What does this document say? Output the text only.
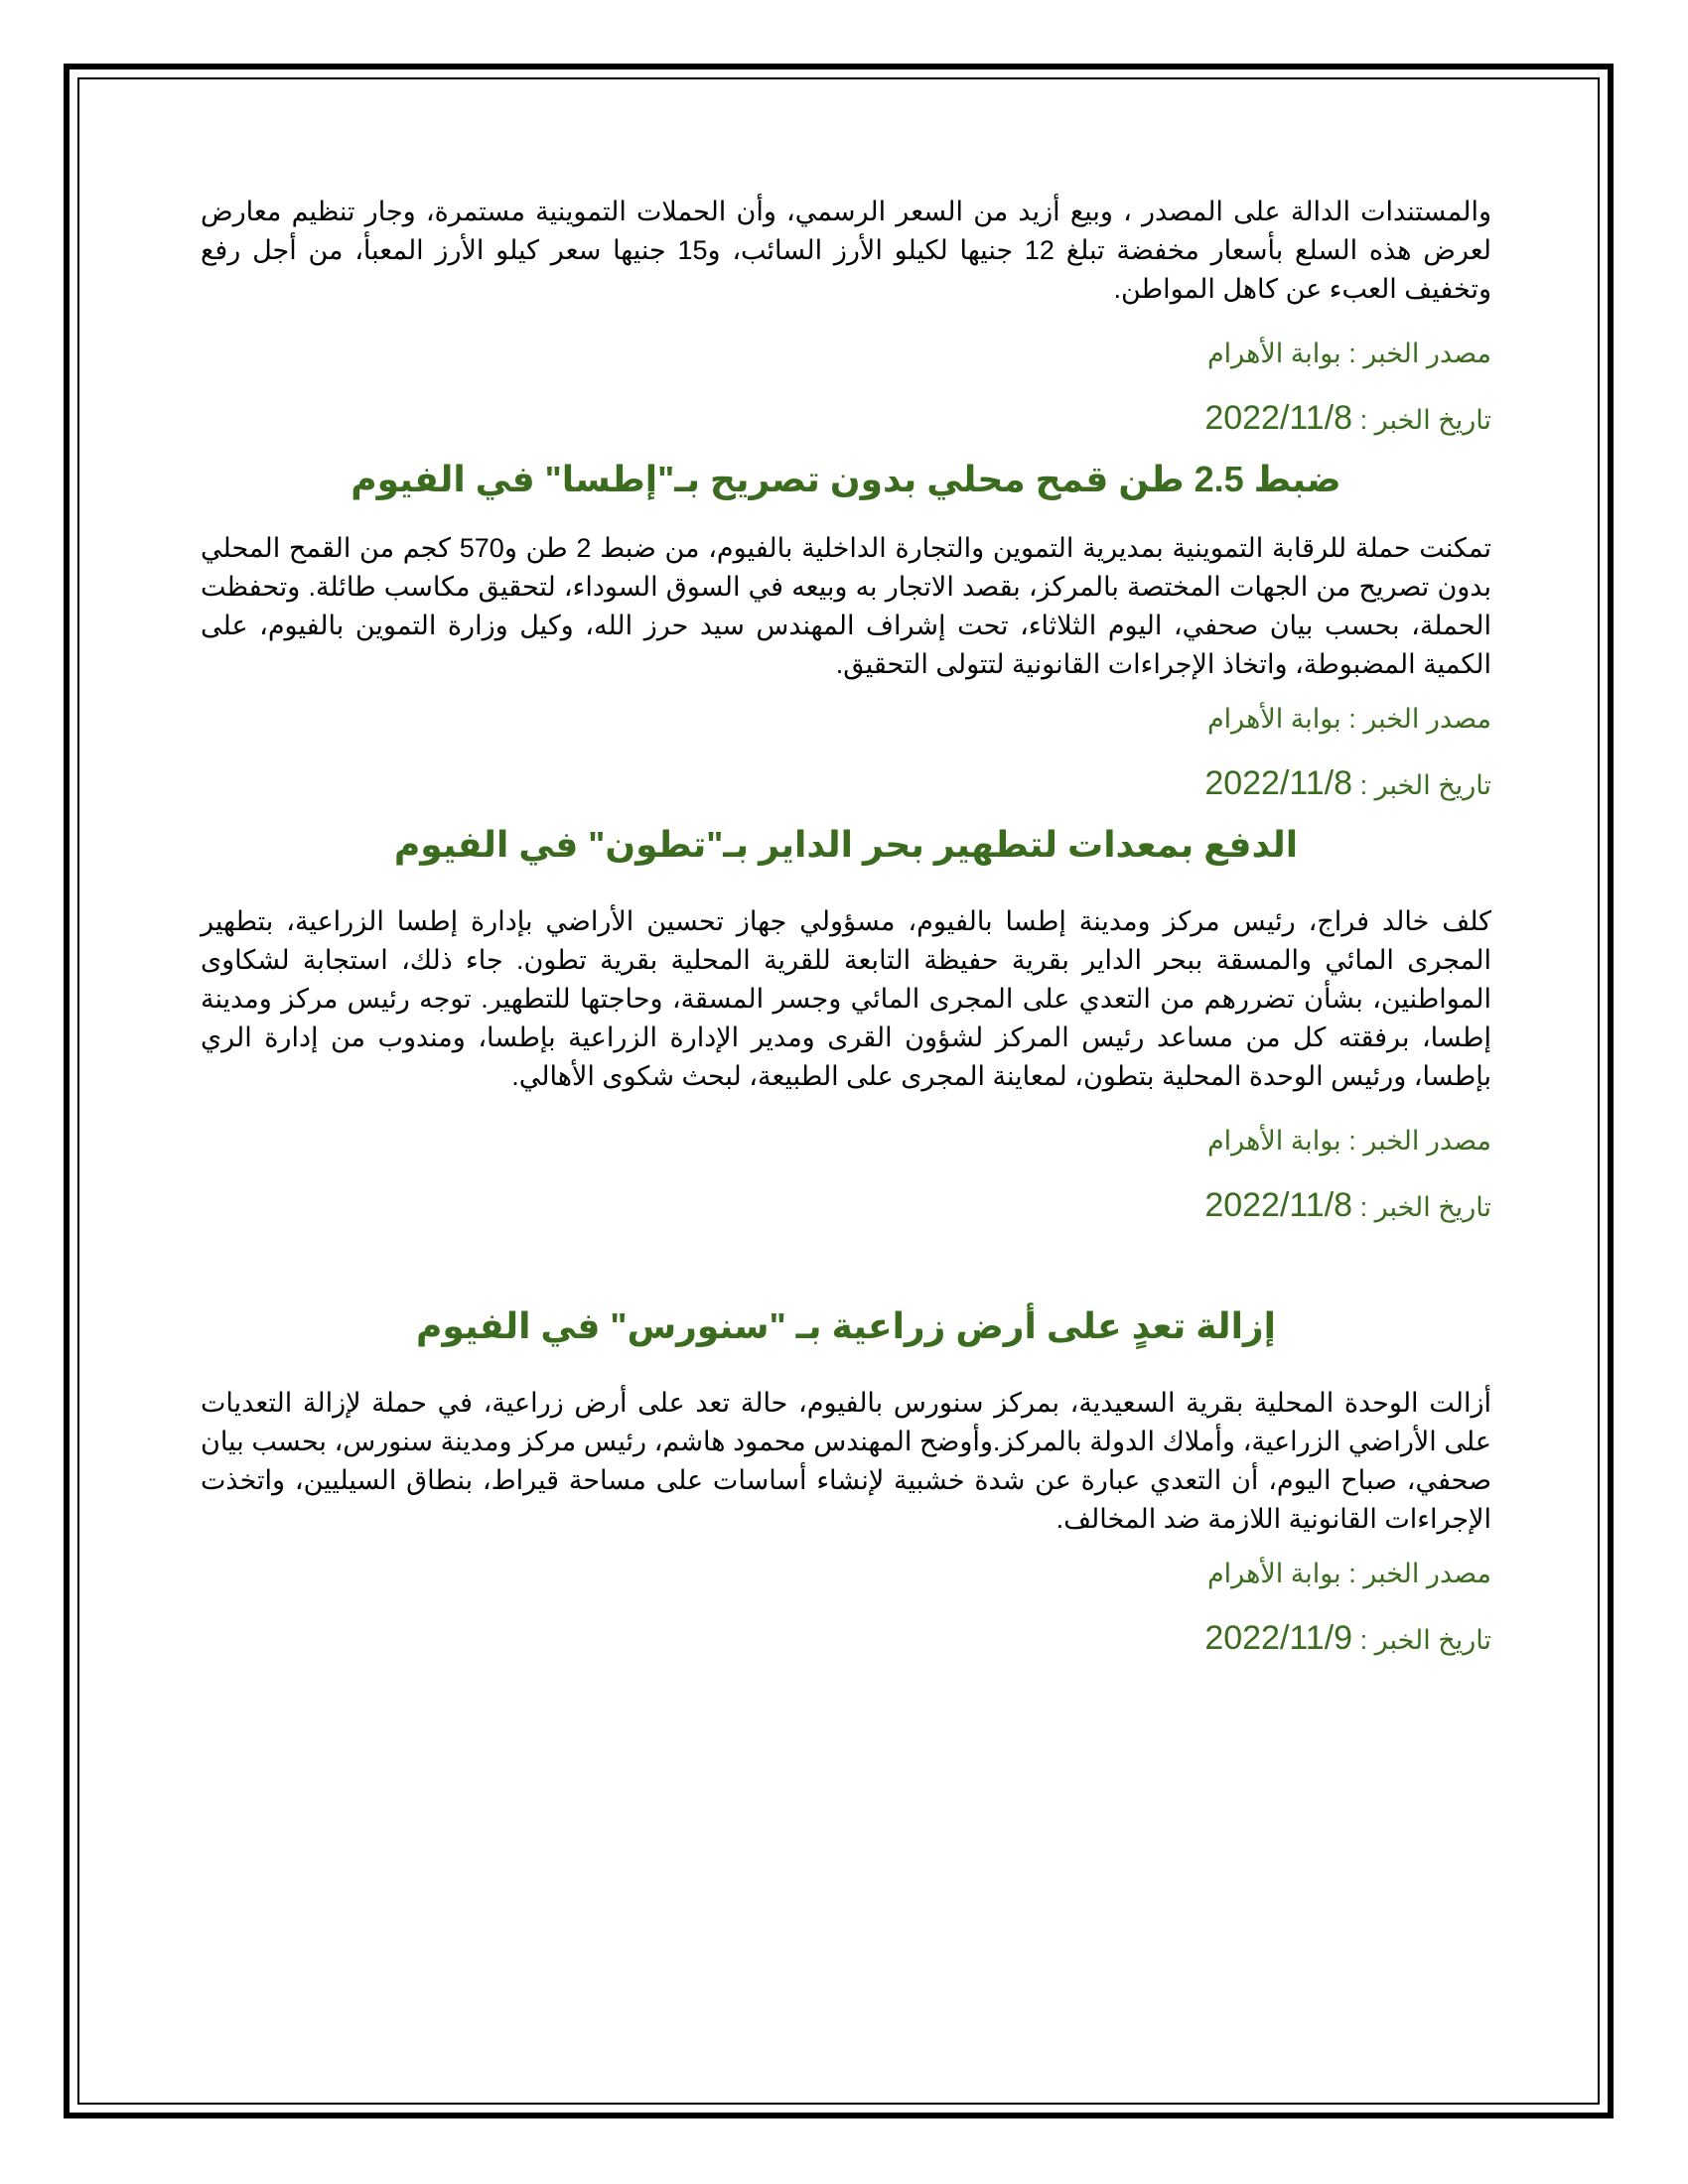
والمستندات الدالة على المصدر ، وبيع أزيد من السعر الرسمي، وأن الحملات التموينية مستمرة، وجار تنظيم معارض لعرض هذه السلع بأسعار مخفضة تبلغ 12 جنيها لكيلو الأرز السائب، و15 جنيها سعر كيلو الأرز المعبأ، من أجل رفع وتخفيف العبء عن كاهل المواطن.

مصدر الخبر : بوابة الأهرام

تاريخ الخبر : 2022/11/8

ضبط 2.5 طن قمح محلي بدون تصريح بـ"إطسا" في الفيوم

تمكنت حملة للرقابة التموينية بمديرية التموين والتجارة الداخلية بالفيوم، من ضبط 2 طن و570 كجم من القمح المحلي بدون تصريح من الجهات المختصة بالمركز، بقصد الاتجار به وبيعه في السوق السوداء، لتحقيق مكاسب طائلة. وتحفظت الحملة، بحسب بيان صحفي، اليوم الثلاثاء، تحت إشراف المهندس سيد حرز الله، وكيل وزارة التموين بالفيوم، على الكمية المضبوطة، واتخاذ الإجراءات القانونية لتتولى التحقيق.

مصدر الخبر : بوابة الأهرام

تاريخ الخبر : 2022/11/8

الدفع بمعدات لتطهير بحر الداير بـ"تطون" في الفيوم

كلف خالد فراج، رئيس مركز ومدينة إطسا بالفيوم، مسؤولي جهاز تحسين الأراضي بإدارة إطسا الزراعية، بتطهير المجرى المائي والمسقة ببحر الداير بقرية حفيظة التابعة للقرية المحلية بقرية تطون. جاء ذلك، استجابة لشكاوى المواطنين، بشأن تضررهم من التعدي على المجرى المائي وجسر المسقة، وحاجتها للتطهير. توجه رئيس مركز ومدينة إطسا، برفقته كل من مساعد رئيس المركز لشؤون القرى ومدير الإدارة الزراعية بإطسا، ومندوب من إدارة الري بإطسا، ورئيس الوحدة المحلية بتطون، لمعاينة المجرى على الطبيعة، لبحث شكوى الأهالي.

مصدر الخبر : بوابة الأهرام

تاريخ الخبر : 2022/11/8

إزالة تعدٍ على أرض زراعية بـ "سنورس" في الفيوم

أزالت الوحدة المحلية بقرية السعيدية، بمركز سنورس بالفيوم، حالة تعد على أرض زراعية، في حملة لإزالة التعديات على الأراضي الزراعية، وأملاك الدولة بالمركز.وأوضح المهندس محمود هاشم، رئيس مركز ومدينة سنورس، بحسب بيان صحفي، صباح اليوم، أن التعدي عبارة عن شدة خشبية لإنشاء أساسات على مساحة قيراط، بنطاق السيليين، واتخذت الإجراءات القانونية اللازمة ضد المخالف.

مصدر الخبر : بوابة الأهرام

تاريخ الخبر : 2022/11/9
